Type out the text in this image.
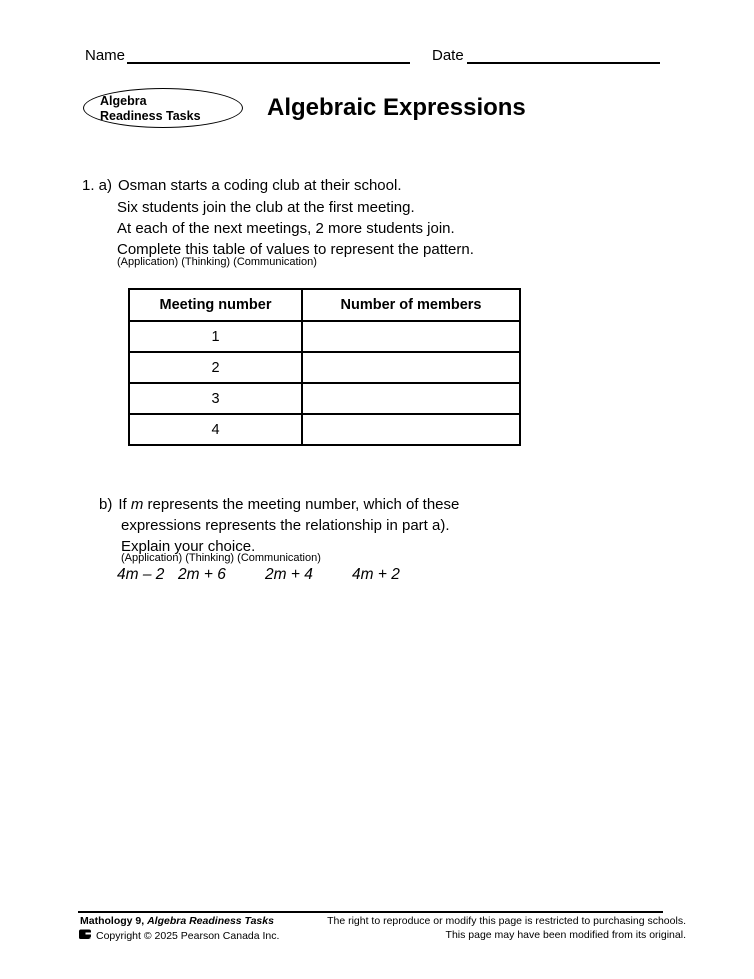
Name	Date
Algebra
Readiness Tasks	Algebraic Expressions
1. a) Osman starts a coding club at their school.
Six students join the club at the first meeting.
At each of the next meetings, 2 more students join.
Complete this table of values to represent the pattern.
(Application) (Thinking) (Communication)
Meeting number	Number of members
1	
2	
3	
4	
b) If m represents the meeting number, which of these
expressions represents the relationship in part a).
Explain your choice.
(Application) (Thinking) (Communication)
4m – 2 2m + 6	2m + 4	4m + 2
Mathology 9, Algebra Readiness Tasks
Copyright © 2025 Pearson Canada Inc.
The right to reproduce or modify this page is restricted to purchasing schools.
This page may have been modified from its original.
